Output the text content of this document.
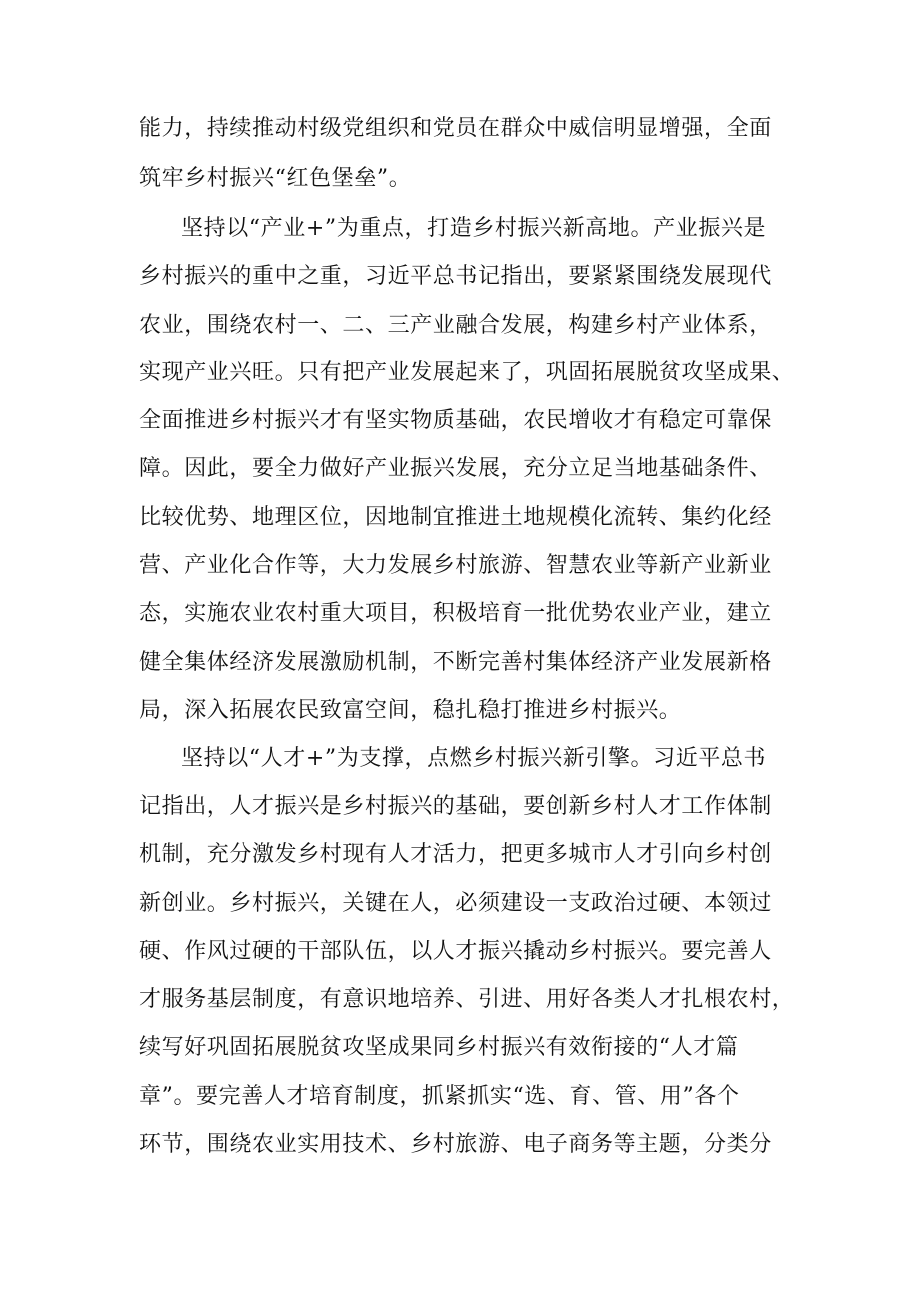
能力，持续推动村级党组织和党员在群众中威信明显增强，全面
筑牢乡村振兴“红色堡垒”。
坚持以“产业+”为重点，打造乡村振兴新高地。产业振兴是
乡村振兴的重中之重，习近平总书记指出，要紧紧围绕发展现代
农业，围绕农村一、二、三产业融合发展，构建乡村产业体系，
实现产业兴旺。只有把产业发展起来了，巩固拓展脱贫攻坚成果、
全面推进乡村振兴才有坚实物质基础，农民增收才有稳定可靠保
障。因此，要全力做好产业振兴发展，充分立足当地基础条件、
比较优势、地理区位，因地制宜推进土地规模化流转、集约化经
营、产业化合作等，大力发展乡村旅游、智慧农业等新产业新业
态，实施农业农村重大项目，积极培育一批优势农业产业，建立
健全集体经济发展激励机制，不断完善村集体经济产业发展新格
局，深入拓展农民致富空间，稳扎稳打推进乡村振兴。
坚持以“人才+”为支撑，点燃乡村振兴新引擎。习近平总书
记指出，人才振兴是乡村振兴的基础，要创新乡村人才工作体制
机制，充分激发乡村现有人才活力，把更多城市人才引向乡村创
新创业。乡村振兴，关键在人，必须建设一支政治过硬、本领过
硬、作风过硬的干部队伍，以人才振兴撬动乡村振兴。要完善人
才服务基层制度，有意识地培养、引进、用好各类人才扎根农村，
续写好巩固拓展脱贫攻坚成果同乡村振兴有效衔接的“人才篇
章”。要完善人才培育制度，抓紧抓实“选、育、管、用”各个
环节，围绕农业实用技术、乡村旅游、电子商务等主题，分类分
